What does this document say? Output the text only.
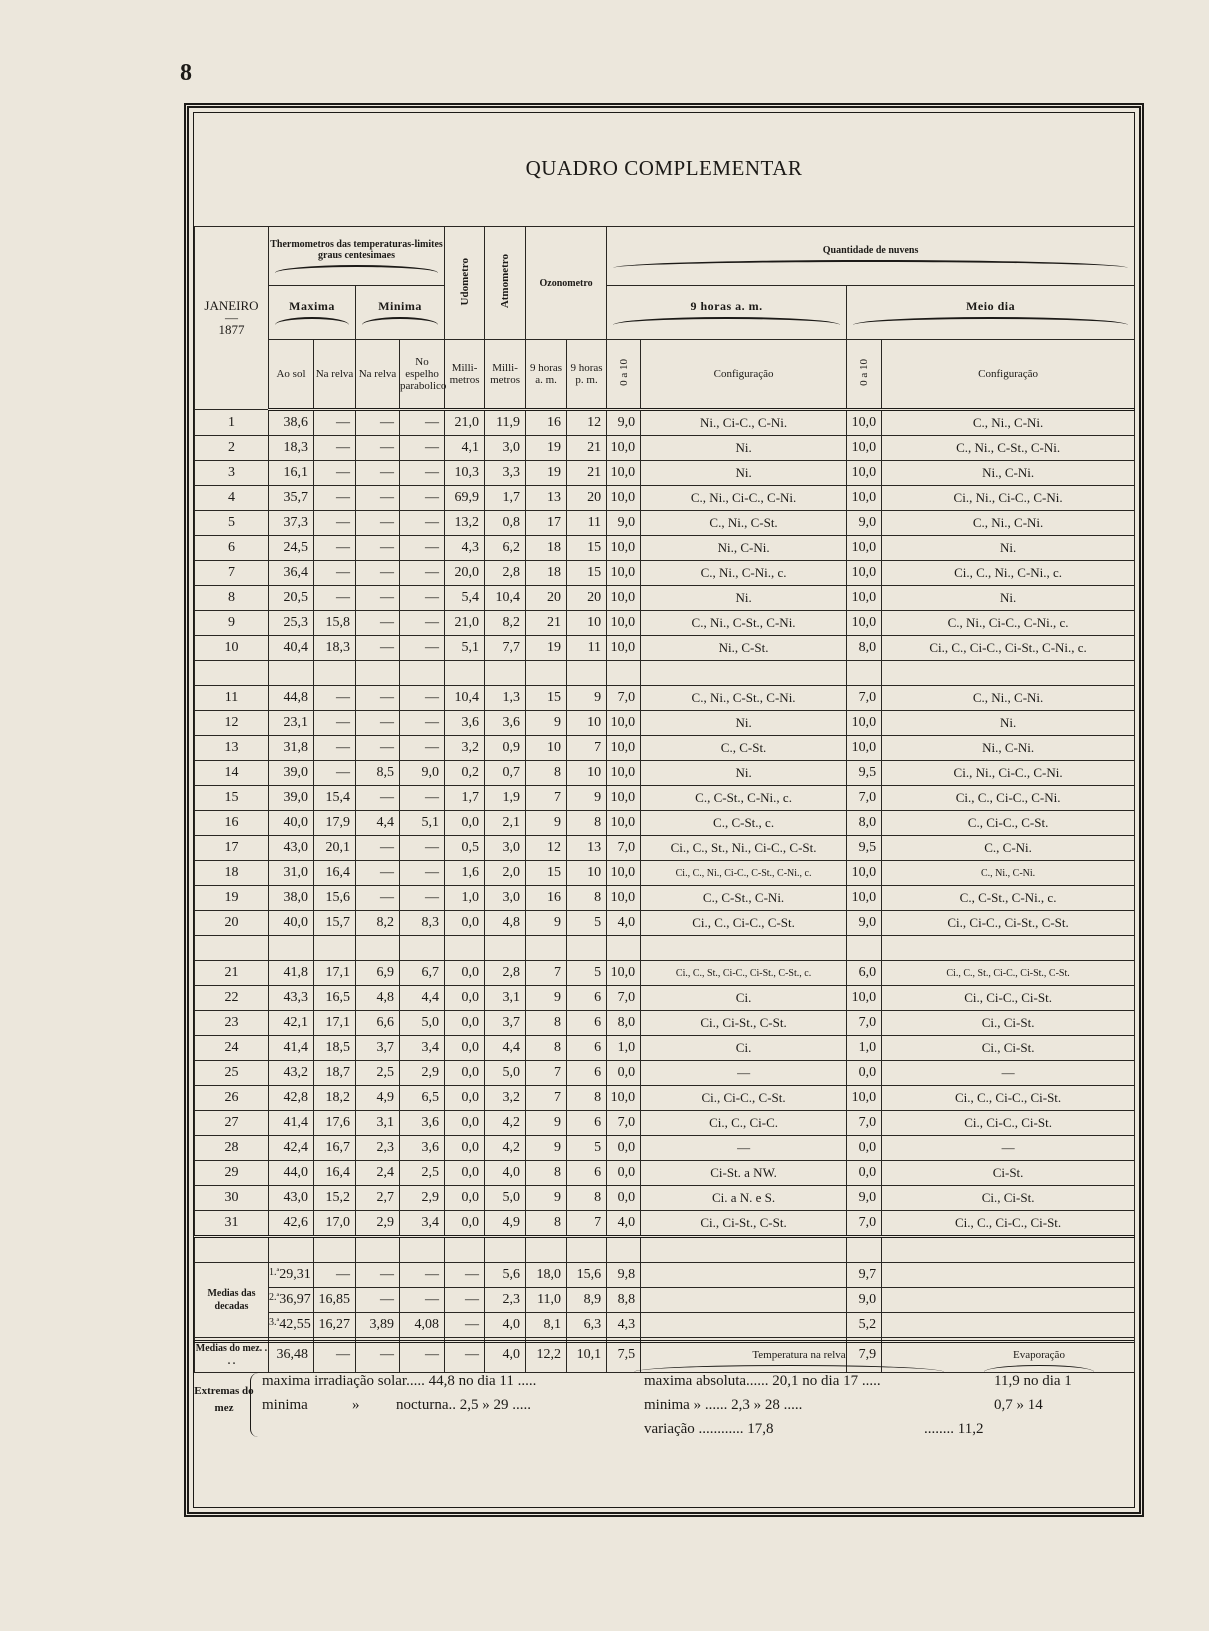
8
QUADRO COMPLEMENTAR
JANEIRO
—
1877	Thermometros das temperaturas-limites graus centesimaes				Udometro	Atmometro	Ozonometro		Quantidade de nuvens			

	Maxima		Minima						9 horas a. m.		Meio dia	

	Ao sol	Na relva	Na relva	No espelho parabolico	Milli-metros	Milli-metros	9 horas a. m.	9 horas p. m.	0 a 10	Configuração	0 a 10	Configuração
1	38,6	—	—	—	21,0	11,9	16	12	9,0	Ni., Ci-C., C-Ni.	10,0	C., Ni., C-Ni.
2	18,3	—	—	—	4,1	3,0	19	21	10,0	Ni.	10,0	C., Ni., C-St., C-Ni.
3	16,1	—	—	—	10,3	3,3	19	21	10,0	Ni.	10,0	Ni., C-Ni.
4	35,7	—	—	—	69,9	1,7	13	20	10,0	C., Ni., Ci-C., C-Ni.	10,0	Ci., Ni., Ci-C., C-Ni.
5	37,3	—	—	—	13,2	0,8	17	11	9,0	C., Ni., C-St.	9,0	C., Ni., C-Ni.
6	24,5	—	—	—	4,3	6,2	18	15	10,0	Ni., C-Ni.	10,0	Ni.
7	36,4	—	—	—	20,0	2,8	18	15	10,0	C., Ni., C-Ni., c.	10,0	Ci., C., Ni., C-Ni., c.
8	20,5	—	—	—	5,4	10,4	20	20	10,0	Ni.	10,0	Ni.
9	25,3	15,8	—	—	21,0	8,2	21	10	10,0	C., Ni., C-St., C-Ni.	10,0	C., Ni., Ci-C., C-Ni., c.
10	40,4	18,3	—	—	5,1	7,7	19	11	10,0	Ni., C-St.	8,0	Ci., C., Ci-C., Ci-St., C-Ni., c.

11	44,8	—	—	—	10,4	1,3	15	9	7,0	C., Ni., C-St., C-Ni.	7,0	C., Ni., C-Ni.
12	23,1	—	—	—	3,6	3,6	9	10	10,0	Ni.	10,0	Ni.
13	31,8	—	—	—	3,2	0,9	10	7	10,0	C., C-St.	10,0	Ni., C-Ni.
14	39,0	—	8,5	9,0	0,2	0,7	8	10	10,0	Ni.	9,5	Ci., Ni., Ci-C., C-Ni.
15	39,0	15,4	—	—	1,7	1,9	7	9	10,0	C., C-St., C-Ni., c.	7,0	Ci., C., Ci-C., C-Ni.
16	40,0	17,9	4,4	5,1	0,0	2,1	9	8	10,0	C., C-St., c.	8,0	C., Ci-C., C-St.
17	43,0	20,1	—	—	0,5	3,0	12	13	7,0	Ci., C., St., Ni., Ci-C., C-St.	9,5	C., C-Ni.
18	31,0	16,4	—	—	1,6	2,0	15	10	10,0	Ci., C., Ni., Ci-C., C-St., C-Ni., c.	10,0	C., Ni., C-Ni.
19	38,0	15,6	—	—	1,0	3,0	16	8	10,0	C., C-St., C-Ni.	10,0	C., C-St., C-Ni., c.
20	40,0	15,7	8,2	8,3	0,0	4,8	9	5	4,0	Ci., C., Ci-C., C-St.	9,0	Ci., Ci-C., Ci-St., C-St.

21	41,8	17,1	6,9	6,7	0,0	2,8	7	5	10,0	Ci., C., St., Ci-C., Ci-St., C-St., c.	6,0	Ci., C., St., Ci-C., Ci-St., C-St.
22	43,3	16,5	4,8	4,4	0,0	3,1	9	6	7,0	Ci.	10,0	Ci., Ci-C., Ci-St.
23	42,1	17,1	6,6	5,0	0,0	3,7	8	6	8,0	Ci., Ci-St., C-St.	7,0	Ci., Ci-St.
24	41,4	18,5	3,7	3,4	0,0	4,4	8	6	1,0	Ci.	1,0	Ci., Ci-St.
25	43,2	18,7	2,5	2,9	0,0	5,0	7	6	0,0	—	0,0	—
26	42,8	18,2	4,9	6,5	0,0	3,2	7	8	10,0	Ci., Ci-C., C-St.	10,0	Ci., C., Ci-C., Ci-St.
27	41,4	17,6	3,1	3,6	0,0	4,2	9	6	7,0	Ci., C., Ci-C.	7,0	Ci., Ci-C., Ci-St.
28	42,4	16,7	2,3	3,6	0,0	4,2	9	5	0,0	—	0,0	—
29	44,0	16,4	2,4	2,5	0,0	4,0	8	6	0,0	Ci-St. a NW.	0,0	Ci-St.
30	43,0	15,2	2,7	2,9	0,0	5,0	9	8	0,0	Ci. a N. e S.	9,0	Ci., Ci-St.
31	42,6	17,0	2,9	3,4	0,0	4,9	8	7	4,0	Ci., Ci-St., C-St.	7,0	Ci., C., Ci-C., Ci-St.

Medias das decadas	1.ª 29,31	—	—	—	—	5,6	18,0	15,6	9,8		9,7	

	2.ª 36,97	16,85	—	—	—	2,3	11,0	8,9	8,8		9,0	

	3.ª 42,55	16,27	3,89	4,08	—	4,0	8,1	6,3	4,3		5,2	
Medias do mez. . . .	36,48	—	—	—	—	4,0	12,2	10,1	7,5		7,9	
Temperatura na relva	Evaporação
Extremas do mez
maxima irradiação solar..... 44,8 no dia 11 .....
minima	» nocturna.. 2,5 » 29 .....
maxima absoluta...... 20,1 no dia 17 .....
minima » ...... 2,3 » 28 .....
variação ............ 17,8
11,9 no dia 1
0,7 » 14
........ 11,2
